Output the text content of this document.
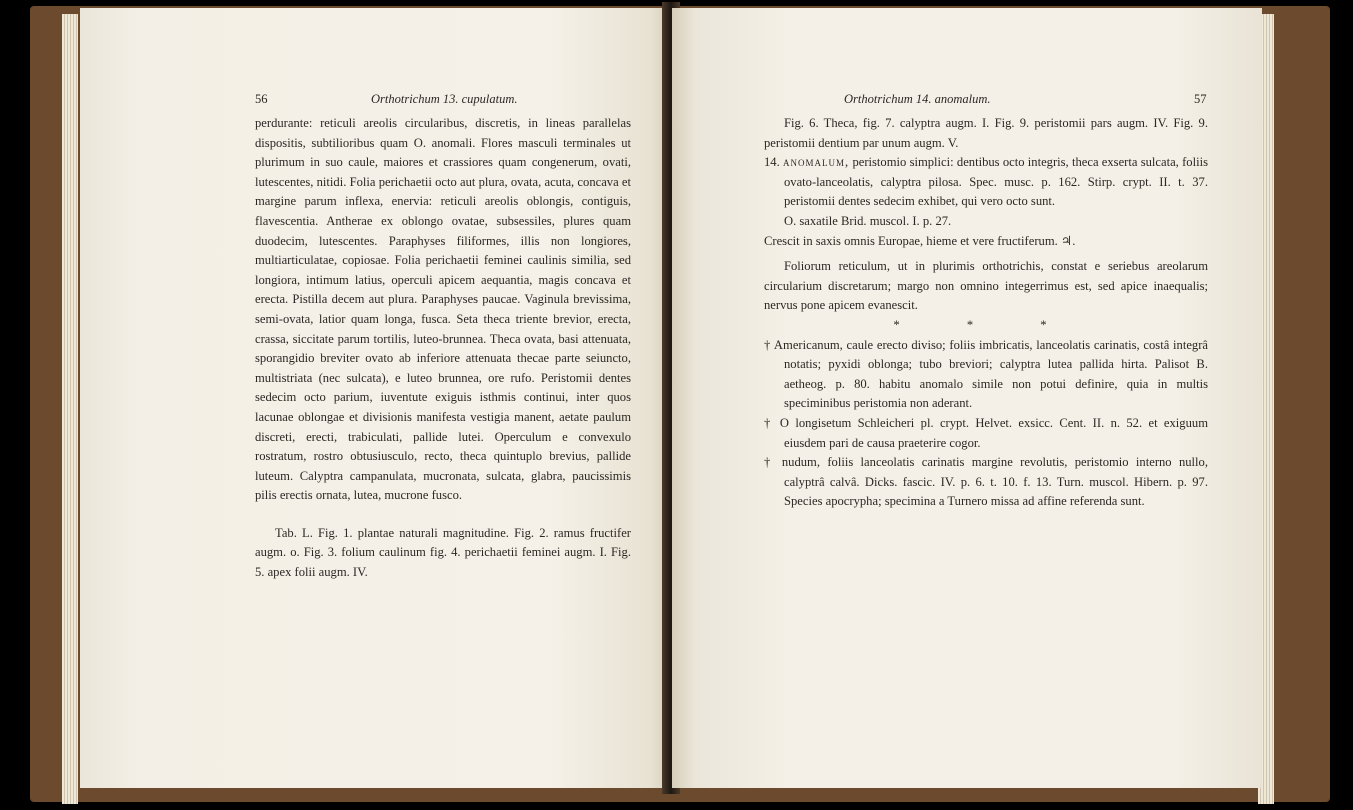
56	Orthotrichum 13. cupulatum.

perdurante: reticuli areolis circularibus, discretis, in lineas parallelas dispositis, subtilioribus quam O. anomali. Flores masculi terminales ut plurimum in suo caule, maiores et crassiores quam congenerum, ovati, lutescentes, nitidi. Folia perichaetii octo aut plura, ovata, acuta, concava et margine parum inflexa, enervia: reticuli areolis oblongis, contiguis, flavescentia. Antherae ex oblongo ovatae, subsessiles, plures quam duodecim, lutescentes. Paraphyses filiformes, illis non longiores, multiarticulatae, copiosae. Folia perichaetii feminei caulinis similia, sed longiora, intimum latius, operculi apicem aequantia, magis concava et erecta. Pistilla decem aut plura. Paraphyses paucae. Vaginula brevissima, semi-ovata, latior quam longa, fusca. Seta theca triente brevior, erecta, crassa, siccitate parum tortilis, luteo-brunnea. Theca ovata, basi attenuata, sporangidio breviter ovato ab inferiore attenuata thecae parte seiuncto, multistriata (nec sulcata), e luteo brunnea, ore rufo. Peristomii dentes sedecim octo parium, iuventute exiguis isthmis continui, inter quos lacunae oblongae et divisionis manifesta vestigia manent, aetate paulum discreti, erecti, trabiculati, pallide lutei. Operculum e convexulo rostratum, rostro obtusiusculo, recto, theca quintuplo brevius, pallide luteum. Calyptra campanulata, mucronata, sulcata, glabra, paucissimis pilis erectis ornata, lutea, mucrone fusco.

Tab. L. Fig. 1. plantae naturali magnitudine. Fig. 2. ramus fructifer augm. o. Fig. 3. folium caulinum fig. 4. perichaetii feminei augm. I. Fig. 5. apex folii augm. IV.

Orthotrichum 14. anomalum.	57

Fig. 6. Theca, fig. 7. calyptra augm. I. Fig. 9. peristomii pars augm. IV. Fig. 9. peristomii dentium par unum augm. V.

14. anomalum, peristomio simplici: dentibus octo integris, theca exserta sulcata, foliis ovato-lanceolatis, calyptra pilosa. Spec. musc. p. 162. Stirp. crypt. II. t. 37. peristomii dentes sedecim exhibet, qui vero octo sunt.

O. saxatile Brid. muscol. I. p. 27.

Crescit in saxis omnis Europae, hieme et vere fructiferum. ♃.

Foliorum reticulum, ut in plurimis orthotrichis, constat e seriebus areolarum circularium discretarum; margo non omnino integerrimus est, sed apice inaequalis; nervus pone apicem evanescit.

* * *

† Americanum, caule erecto diviso; foliis imbricatis, lanceolatis carinatis, costâ integrâ notatis; pyxidi oblonga; tubo breviori; calyptra lutea pallida hirta. Palisot B. aetheog. p. 80. habitu anomalo simile non potui definire, quia in multis speciminibus peristomia non aderant.

† O longisetum Schleicheri pl. crypt. Helvet. exsicc. Cent. II. n. 52. et exiguum eiusdem pari de causa praeterire cogor.

† nudum, foliis lanceolatis carinatis margine revolutis, peristomio interno nullo, calyptrâ calvâ. Dicks. fascic. IV. p. 6. t. 10. f. 13. Turn. muscol. Hibern. p. 97. Species apocrypha; specimina a Turnero missa ad affine referenda sunt.
